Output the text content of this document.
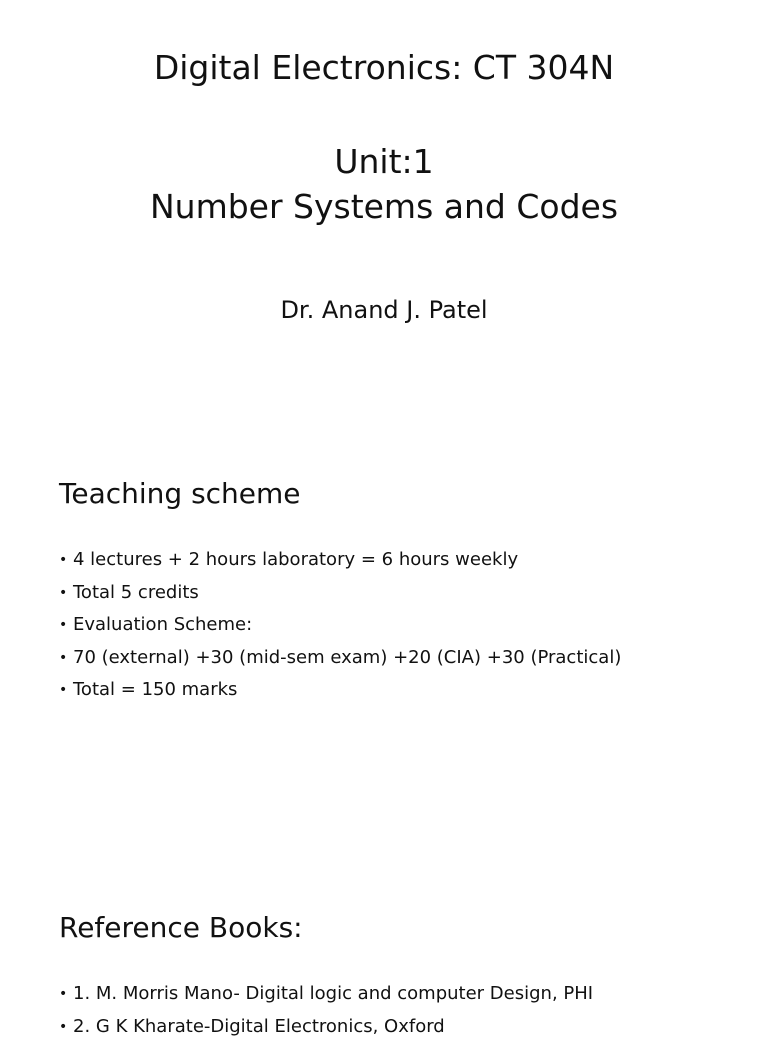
Digital Electronics: CT 304N
Unit:1
Number Systems and Codes
Dr. Anand J. Patel
Teaching scheme
• 4 lectures + 2 hours laboratory = 6 hours weekly
• Total 5 credits
• Evaluation Scheme:
• 70 (external) +30 (mid-sem exam) +20 (CIA) +30 (Practical)
• Total = 150 marks
Reference Books:
• 1. M. Morris Mano- Digital logic and computer Design, PHI
• 2. G K Kharate-Digital Electronics, Oxford
